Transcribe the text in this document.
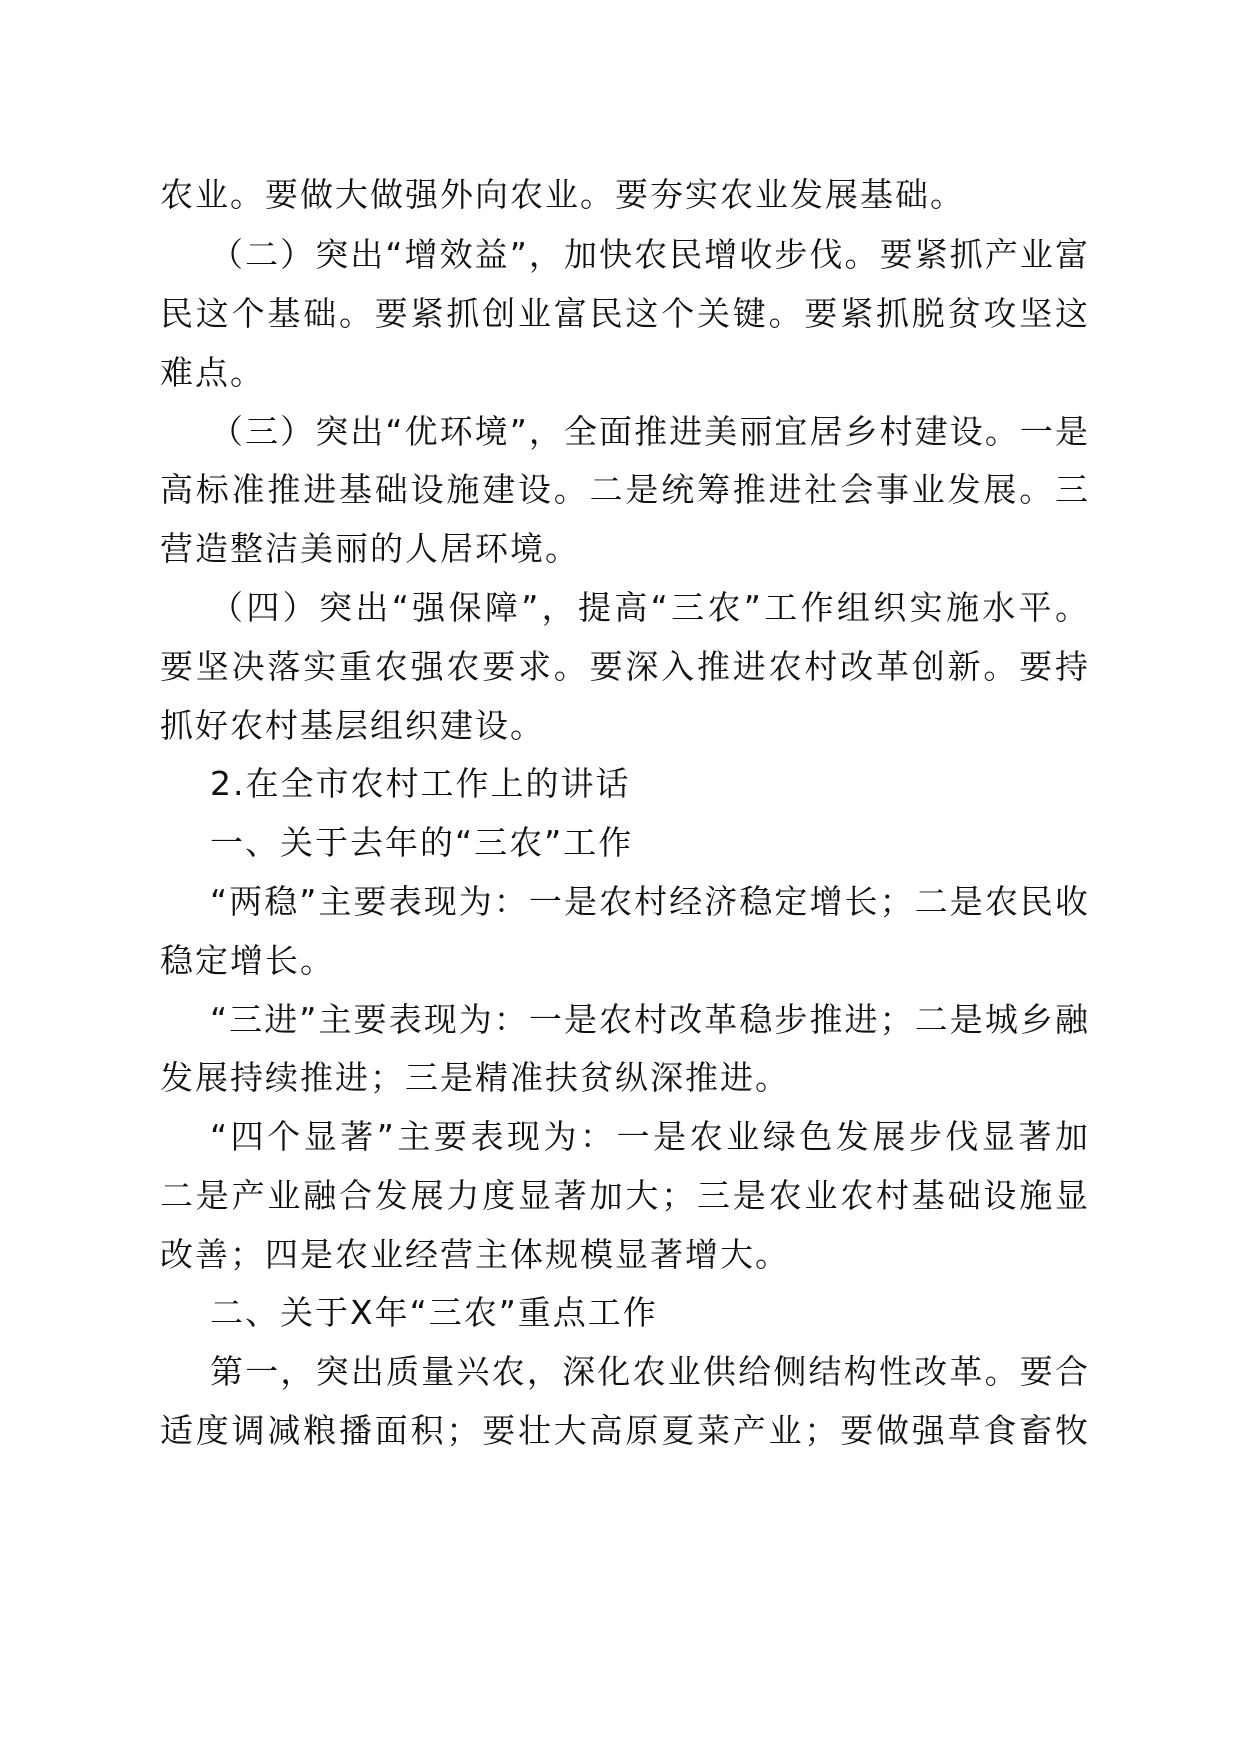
农业。要做大做强外向农业。要夯实农业发展基础。
（二）突出“增效益”，加快农民增收步伐。要紧抓产业富
民这个基础。要紧抓创业富民这个关键。要紧抓脱贫攻坚这
难点。
（三）突出“优环境”，全面推进美丽宜居乡村建设。一是
高标准推进基础设施建设。二是统筹推进社会事业发展。三
营造整洁美丽的人居环境。
（四）突出“强保障”，提高“三农”工作组织实施水平。
要坚决落实重农强农要求。要深入推进农村改革创新。要持
抓好农村基层组织建设。
2.在全市农村工作上的讲话
一、关于去年的“三农”工作
“两稳”主要表现为：一是农村经济稳定增长；二是农民收
稳定增长。
“三进”主要表现为：一是农村改革稳步推进；二是城乡融
发展持续推进；三是精准扶贫纵深推进。
“四个显著”主要表现为：一是农业绿色发展步伐显著加
二是产业融合发展力度显著加大；三是农业农村基础设施显
改善；四是农业经营主体规模显著增大。
二、关于X年“三农”重点工作
第一，突出质量兴农，深化农业供给侧结构性改革。要合
适度调减粮播面积；要壮大高原夏菜产业；要做强草食畜牧
